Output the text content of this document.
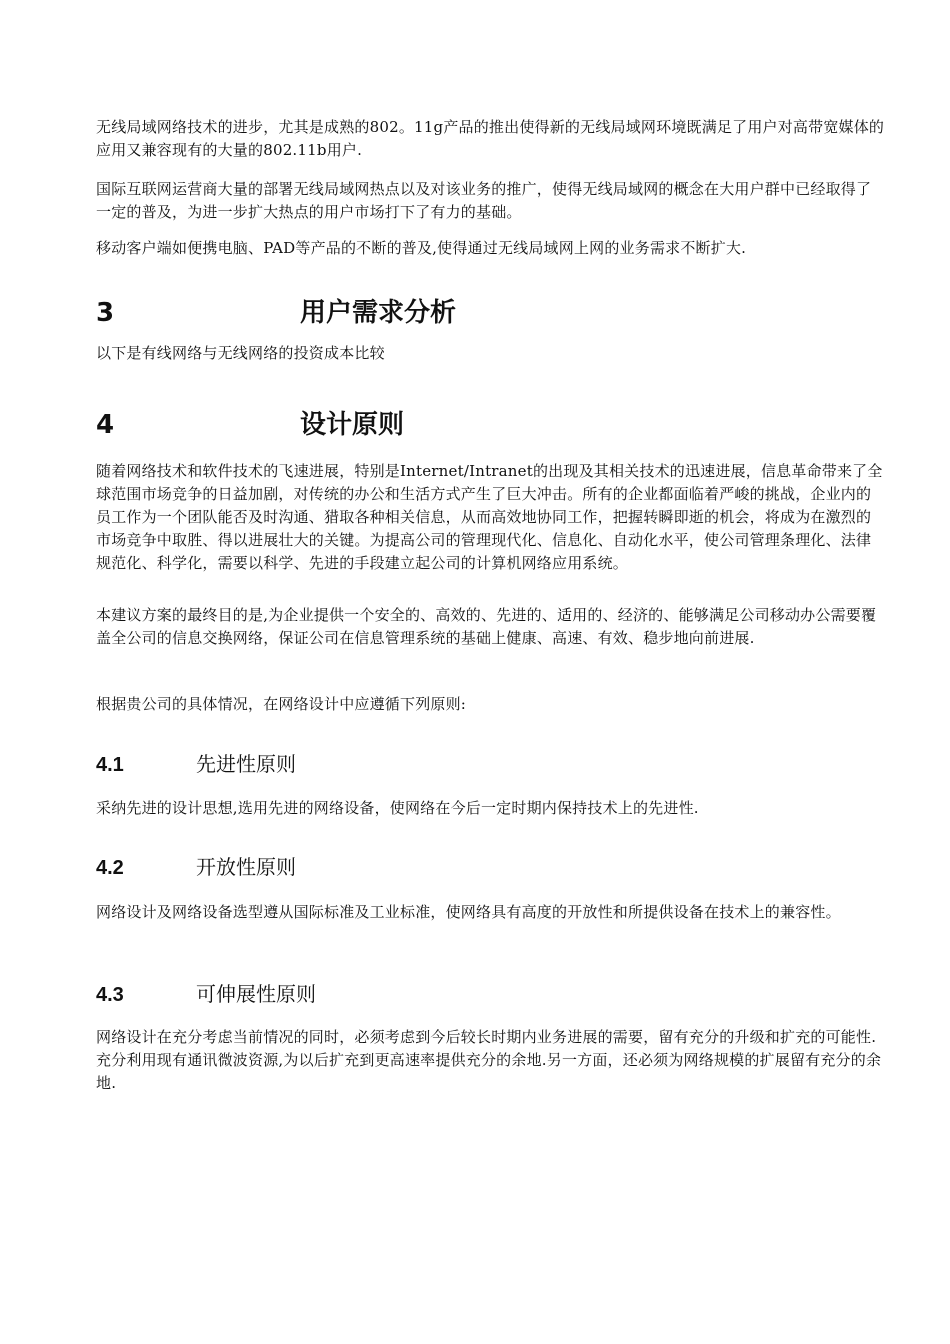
无线局域网络技术的进步，尤其是成熟的802。11g产品的推出使得新的无线局域网环境既满足了用户对高带宽媒体的应用又兼容现有的大量的802.11b用户.

国际互联网运营商大量的部署无线局域网热点以及对该业务的推广，使得无线局域网的概念在大用户群中已经取得了一定的普及，为进一步扩大热点的用户市场打下了有力的基础。

移动客户端如便携电脑、PAD等产品的不断的普及,使得通过无线局域网上网的业务需求不断扩大.

3	用户需求分析

以下是有线网络与无线网络的投资成本比较

4	设计原则

随着网络技术和软件技术的飞速进展，特别是Internet/Intranet的出现及其相关技术的迅速进展，信息革命带来了全球范围市场竞争的日益加剧，对传统的办公和生活方式产生了巨大冲击。所有的企业都面临着严峻的挑战，企业内的员工作为一个团队能否及时沟通、猎取各种相关信息，从而高效地协同工作，把握转瞬即逝的机会，将成为在激烈的市场竞争中取胜、得以进展壮大的关键。为提高公司的管理现代化、信息化、自动化水平，使公司管理条理化、法律规范化、科学化，需要以科学、先进的手段建立起公司的计算机网络应用系统。

本建议方案的最终目的是,为企业提供一个安全的、高效的、先进的、适用的、经济的、能够满足公司移动办公需要覆盖全公司的信息交换网络，保证公司在信息管理系统的基础上健康、高速、有效、稳步地向前进展.

根据贵公司的具体情况，在网络设计中应遵循下列原则:

4.1	先进性原则

采纳先进的设计思想,选用先进的网络设备，使网络在今后一定时期内保持技术上的先进性.

4.2	开放性原则

网络设计及网络设备选型遵从国际标准及工业标准，使网络具有高度的开放性和所提供设备在技术上的兼容性。

4.3	可伸展性原则

网络设计在充分考虑当前情况的同时，必须考虑到今后较长时期内业务进展的需要，留有充分的升级和扩充的可能性.充分利用现有通讯微波资源,为以后扩充到更高速率提供充分的余地.另一方面，还必须为网络规模的扩展留有充分的余地.
